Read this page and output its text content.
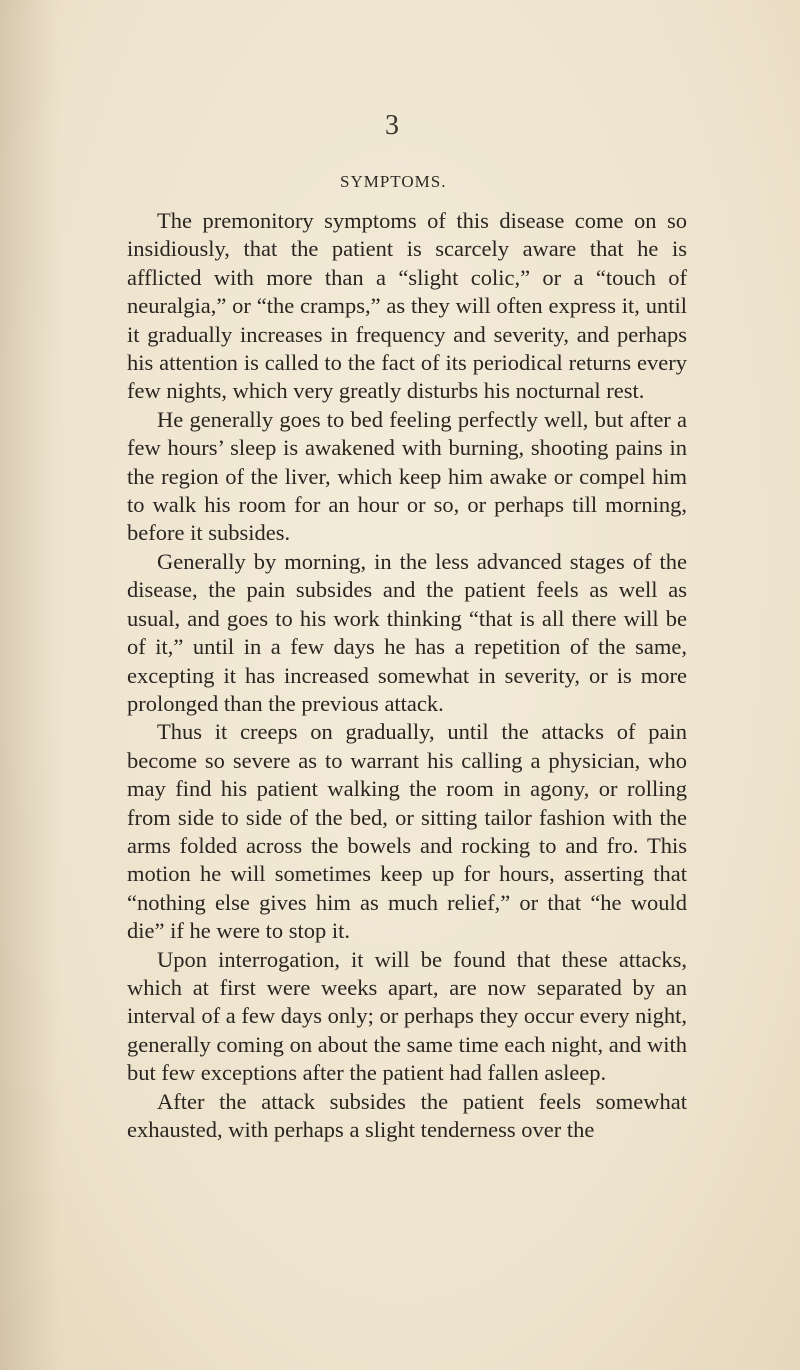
3
SYMPTOMS.

The premonitory symptoms of this disease come on so insidiously, that the patient is scarcely aware that he is afflicted with more than a “slight colic,” or a “touch of neuralgia,” or “the cramps,” as they will often express it, until it gradually increases in frequency and severity, and perhaps his attention is called to the fact of its periodical returns every few nights, which very greatly disturbs his nocturnal rest.

He generally goes to bed feeling perfectly well, but after a few hours’ sleep is awakened with burning, shooting pains in the region of the liver, which keep him awake or compel him to walk his room for an hour or so, or perhaps till morning, before it subsides.

Generally by morning, in the less advanced stages of the disease, the pain subsides and the patient feels as well as usual, and goes to his work thinking “that is all there will be of it,” until in a few days he has a repetition of the same, excepting it has increased somewhat in severity, or is more prolonged than the previous attack.

Thus it creeps on gradually, until the attacks of pain become so severe as to warrant his calling a physician, who may find his patient walking the room in agony, or rolling from side to side of the bed, or sitting tailor fashion with the arms folded across the bowels and rocking to and fro. This motion he will sometimes keep up for hours, asserting that “nothing else gives him as much relief,” or that “he would die” if he were to stop it.

Upon interrogation, it will be found that these attacks, which at first were weeks apart, are now separated by an interval of a few days only; or perhaps they occur every night, generally coming on about the same time each night, and with but few exceptions after the patient had fallen asleep.

After the attack subsides the patient feels somewhat exhausted, with perhaps a slight tenderness over the
